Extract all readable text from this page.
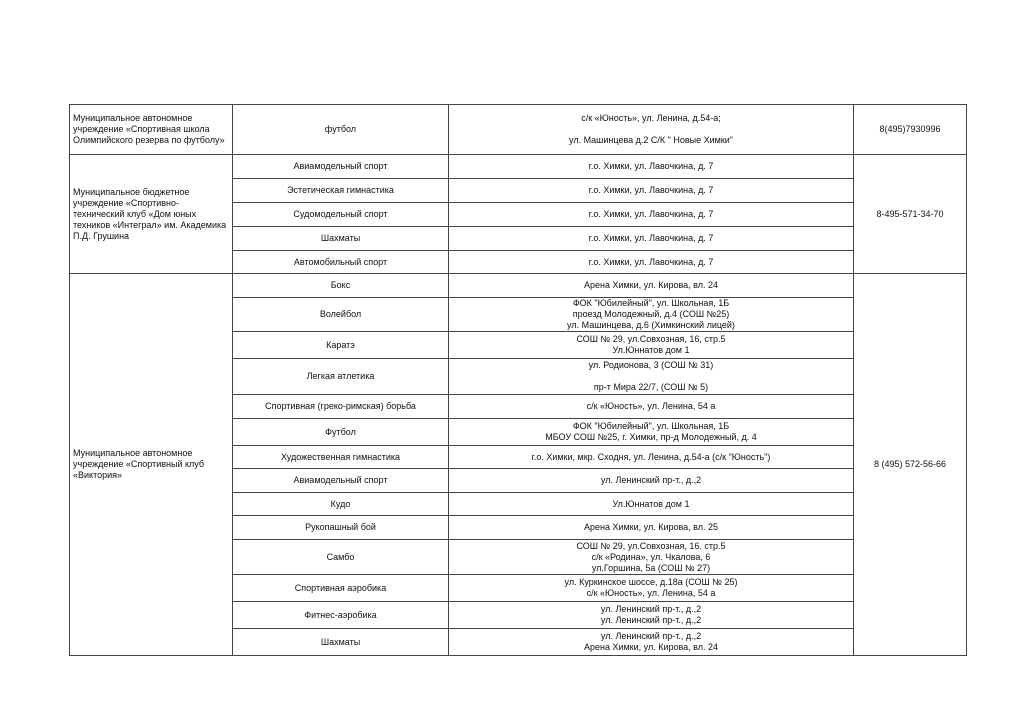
Муниципальное автономное учреждение «Спортивная школа Олимпийского резерва по футболу»	футбол	с/к «Юность», ул. Ленина, д.54-а;
ул. Машинцева д.2 С/К " Новые Химки"	8(495)7930996
Муниципальное бюджетное учреждение «Спортивно-технический клуб «Дом юных техников «Интеграл» им. Академика П.Д. Грушина	Авиамодельный спорт	г.о. Химки, ул. Лавочкина, д. 7	8-495-571-34-70
	Эстетическая гимнастика	г.о. Химки, ул. Лавочкина, д. 7	

	Судомодельный спорт	г.о. Химки, ул. Лавочкина, д. 7	

	Шахматы	г.о. Химки, ул. Лавочкина, д. 7	

	Автомобильный спорт	г.о. Химки, ул. Лавочкина, д. 7	

Муниципальное автономное учреждение «Спортивный клуб «Виктория»	Бокс	Арена Химки, ул. Кирова, вл. 24	8 (495) 572-56-66
	Волейбол	ФОК "Юбилейный", ул. Школьная, 1Б
проезд Молодежный, д.4 (СОШ №25)
ул. Машинцева, д.6 (Химкинский лицей)	

	Каратэ	СОШ № 29, ул.Совхозная, 16, стр.5
Ул.Юннатов дом 1	

	Легкая атлетика	ул. Родионова, 3 (СОШ № 31)
пр-т Мира 22/7, (СОШ № 5)	

	Спортивная (греко-римская) борьба	с/к «Юность», ул. Ленина, 54 а	

	Футбол	ФОК "Юбилейный", ул. Школьная, 1Б
МБОУ СОШ №25, г. Химки, пр-д Молодежный, д. 4	

	Художественная гимнастика	г.о. Химки, мкр. Сходня, ул. Ленина, д.54-а (с/к "Юность")	

	Авиамодельный спорт	ул. Ленинский пр-т., д.,2	

	Кудо	Ул.Юннатов дом 1	

	Рукопашный бой	Арена Химки, ул. Кирова, вл. 25	

	Самбо	СОШ № 29, ул.Совхозная, 16. стр.5
с/к «Родина», ул. Чкалова, 6
ул.Горшина, 5а (СОШ № 27)	

	Спортивная аэробика	ул. Куркинское шоссе, д.18а (СОШ № 25)
с/к «Юность», ул. Ленина, 54 а	

	Фитнес-аэробика	ул. Ленинский пр-т., д.,2
ул. Ленинский пр-т., д.,2	

	Шахматы	ул. Ленинский пр-т., д.,2
Арена Химки, ул. Кирова, вл. 24	
